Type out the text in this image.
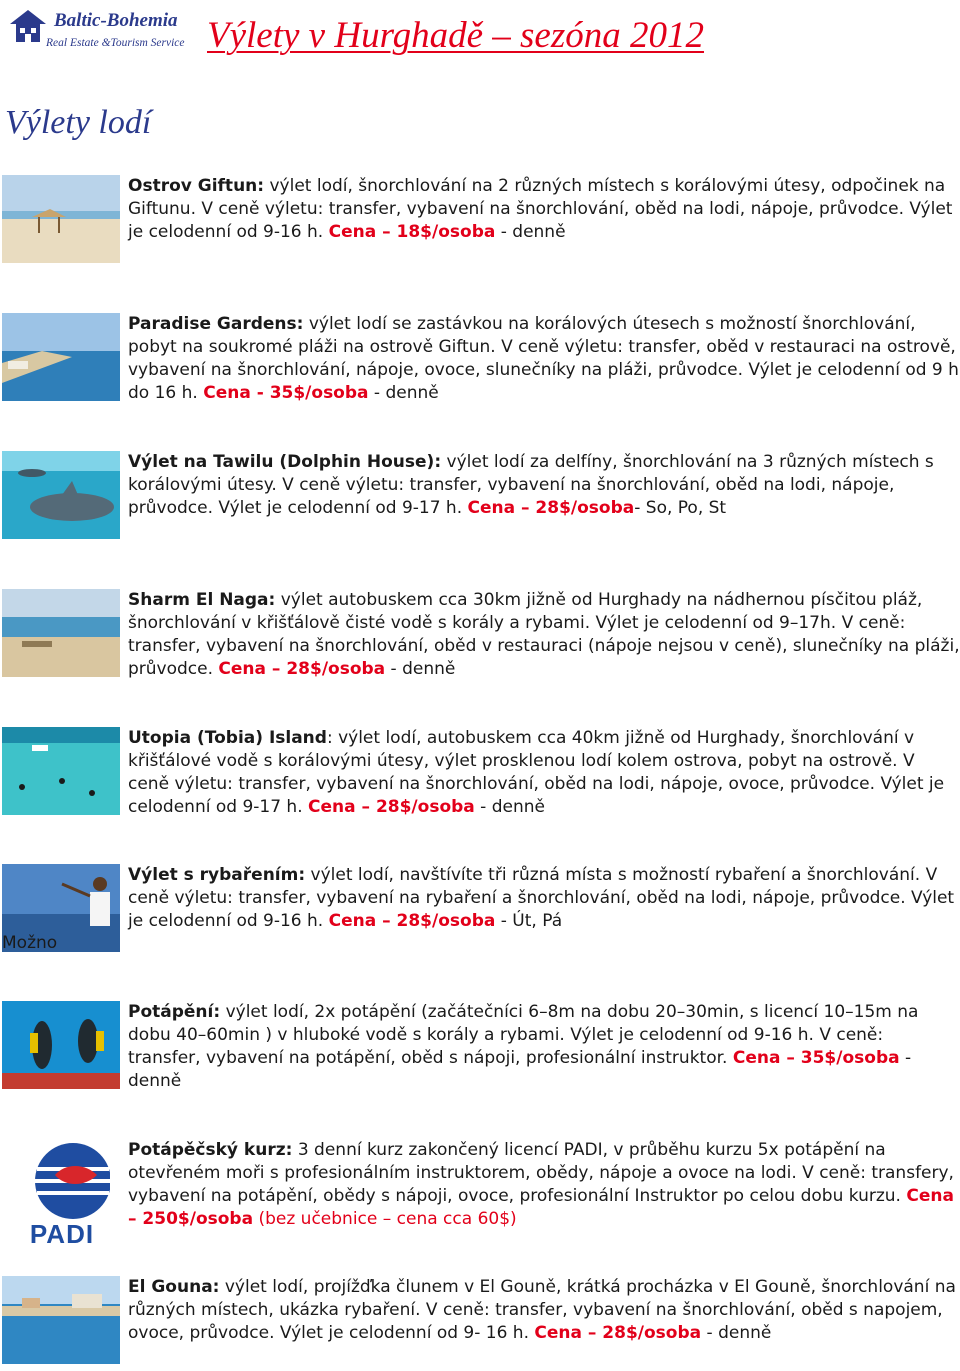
Baltic-Bohemia
Real Estate &Tourism Service Výlety v Hurghadě – sezóna 2012
Výlety lodí

Ostrov Giftun: výlet lodí, šnorchlování na 2 různých místech s korálovými útesy, odpočinek na Giftunu. V ceně výletu: transfer, vybavení na šnorchlování, oběd na lodi, nápoje, průvodce. Výlet je celodenní od 9-16 h. Cena – 18$/osoba - denně

Paradise Gardens: výlet lodí se zastávkou na korálových útesech s možností šnorchlování, pobyt na soukromé pláži na ostrově Giftun. V ceně výletu: transfer, oběd v restauraci na ostrově, vybavení na šnorchlování, nápoje, ovoce, slunečníky na pláži, průvodce. Výlet je celodenní od 9 h do 16 h. Cena - 35$/osoba - denně

Výlet na Tawilu (Dolphin House): výlet lodí za delfíny, šnorchlování na 3 různých místech s korálovými útesy. V ceně výletu: transfer, vybavení na šnorchlování, oběd na lodi, nápoje, průvodce. Výlet je celodenní od 9-17 h. Cena – 28$/osoba- So, Po, St

Sharm El Naga: výlet autobuskem cca 30km jižně od Hurghady na nádhernou písčitou pláž, šnorchlování v křišťálově čisté vodě s korály a rybami. Výlet je celodenní od 9–17h. V ceně: transfer, vybavení na šnorchlování, oběd v restauraci (nápoje nejsou v ceně), slunečníky na pláži, průvodce. Cena – 28$/osoba - denně

Utopia (Tobia) Island: výlet lodí, autobuskem cca 40km jižně od Hurghady, šnorchlování v křišťálové vodě s korálovými útesy, výlet prosklenou lodí kolem ostrova, pobyt na ostrově. V ceně výletu: transfer, vybavení na šnorchlování, oběd na lodi, nápoje, ovoce, průvodce. Výlet je celodenní od 9-17 h. Cena – 28$/osoba - denně

Možno

Výlet s rybařením: výlet lodí, navštívíte tři různá místa s možností rybaření a šnorchlování. V ceně výletu: transfer, vybavení na rybaření a šnorchlování, oběd na lodi, nápoje, průvodce. Výlet je celodenní od 9-16 h. Cena – 28$/osoba - Út, Pá

Potápění: výlet lodí, 2x potápění (začátečníci 6–8m na dobu 20–30min, s licencí 10–15m na dobu 40–60min ) v hluboké vodě s korály a rybami. Výlet je celodenní od 9-16 h. V ceně: transfer, vybavení na potápění, oběd s nápoji, profesionální instruktor. Cena – 35$/osoba - denně

PADI

Potápěčský kurz: 3 denní kurz zakončený licencí PADI, v průběhu kurzu 5x potápění na otevřeném moři s profesionálním instruktorem, obědy, nápoje a ovoce na lodi. V ceně: transfery, vybavení na potápění, obědy s nápoji, ovoce, profesionální Instruktor po celou dobu kurzu. Cena – 250$/osoba (bez učebnice – cena cca 60$)

El Gouna: výlet lodí, projížďka člunem v El Gouně, krátká procházka v El Gouně, šnorchlování na různých místech, ukázka rybaření. V ceně: transfer, vybavení na šnorchlování, oběd s napojem, ovoce, průvodce. Výlet je celodenní od 9- 16 h. Cena – 28$/osoba - denně
